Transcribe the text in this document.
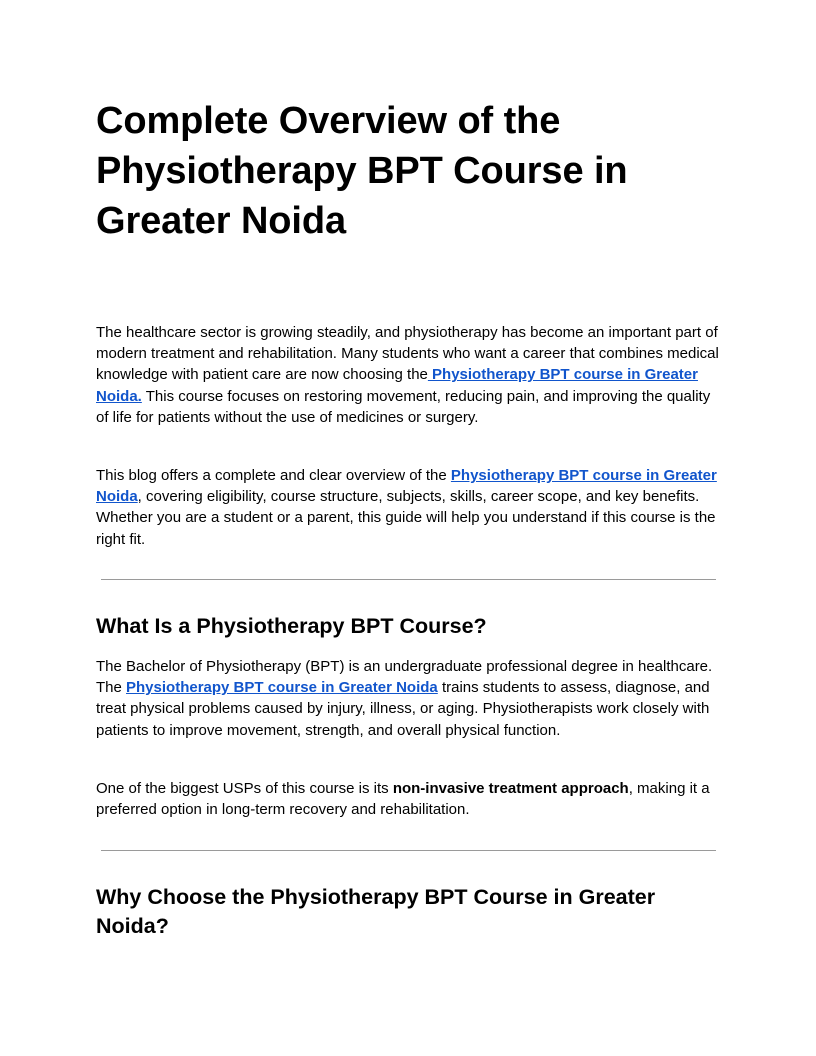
Complete Overview of the Physiotherapy BPT Course in Greater Noida

The healthcare sector is growing steadily, and physiotherapy has become an important part of modern treatment and rehabilitation. Many students who want a career that combines medical knowledge with patient care are now choosing the Physiotherapy BPT course in Greater Noida. This course focuses on restoring movement, reducing pain, and improving the quality of life for patients without the use of medicines or surgery.

This blog offers a complete and clear overview of the Physiotherapy BPT course in Greater Noida, covering eligibility, course structure, subjects, skills, career scope, and key benefits. Whether you are a student or a parent, this guide will help you understand if this course is the right fit.

What Is a Physiotherapy BPT Course?

The Bachelor of Physiotherapy (BPT) is an undergraduate professional degree in healthcare. The Physiotherapy BPT course in Greater Noida trains students to assess, diagnose, and treat physical problems caused by injury, illness, or aging. Physiotherapists work closely with patients to improve movement, strength, and overall physical function.

One of the biggest USPs of this course is its non-invasive treatment approach, making it a preferred option in long-term recovery and rehabilitation.

Why Choose the Physiotherapy BPT Course in Greater Noida?
